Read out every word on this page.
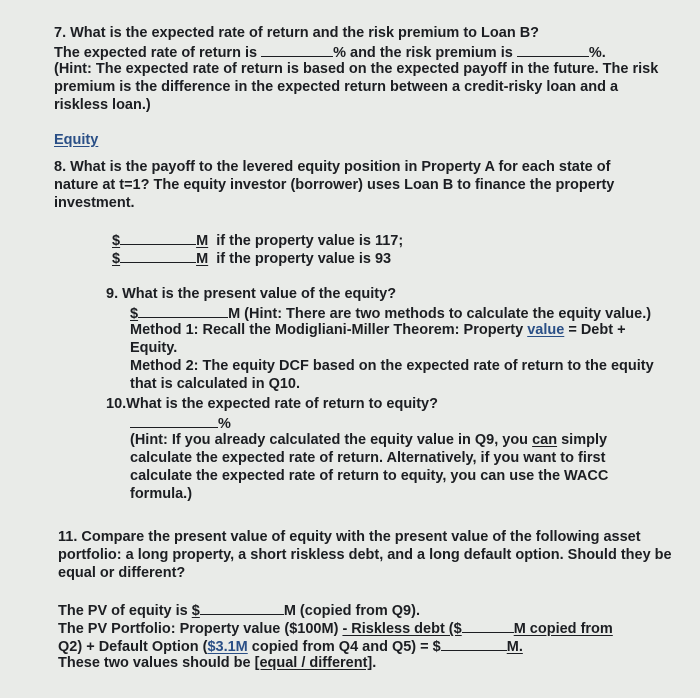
7. What is the expected rate of return and the risk premium to Loan B?
The expected rate of return is	% and the risk premium is	%.
(Hint: The expected rate of return is based on the expected payoff in the future. The risk
premium is the difference in the expected return between a credit-risky loan and a
riskless loan.)
Equity
8. What is the payoff to the levered equity position in Property A for each state of
nature at t=1? The equity investor (borrower) uses Loan B to finance the property
investment.
$	M if the property value is 117;
$	M if the property value is 93
9. What is the present value of the equity?
$	M (Hint: There are two methods to calculate the equity value.)
Method 1: Recall the Modigliani-Miller Theorem: Property value = Debt +
Equity.
Method 2: The equity DCF based on the expected rate of return to the equity
that is calculated in Q10.
10.What is the expected rate of return to equity?
%
(Hint: If you already calculated the equity value in Q9, you can simply
calculate the expected rate of return. Alternatively, if you want to first
calculate the expected rate of return to equity, you can use the WACC
formula.)
11. Compare the present value of equity with the present value of the following asset
portfolio: a long property, a short riskless debt, and a long default option. Should they be
equal or different?
The PV of equity is $	M (copied from Q9).
The PV Portfolio: Property value ($100M) - Riskless debt ($	M copied from
Q2) + Default Option ($3.1M copied from Q4 and Q5) = $	M.
These two values should be [equal / different].
